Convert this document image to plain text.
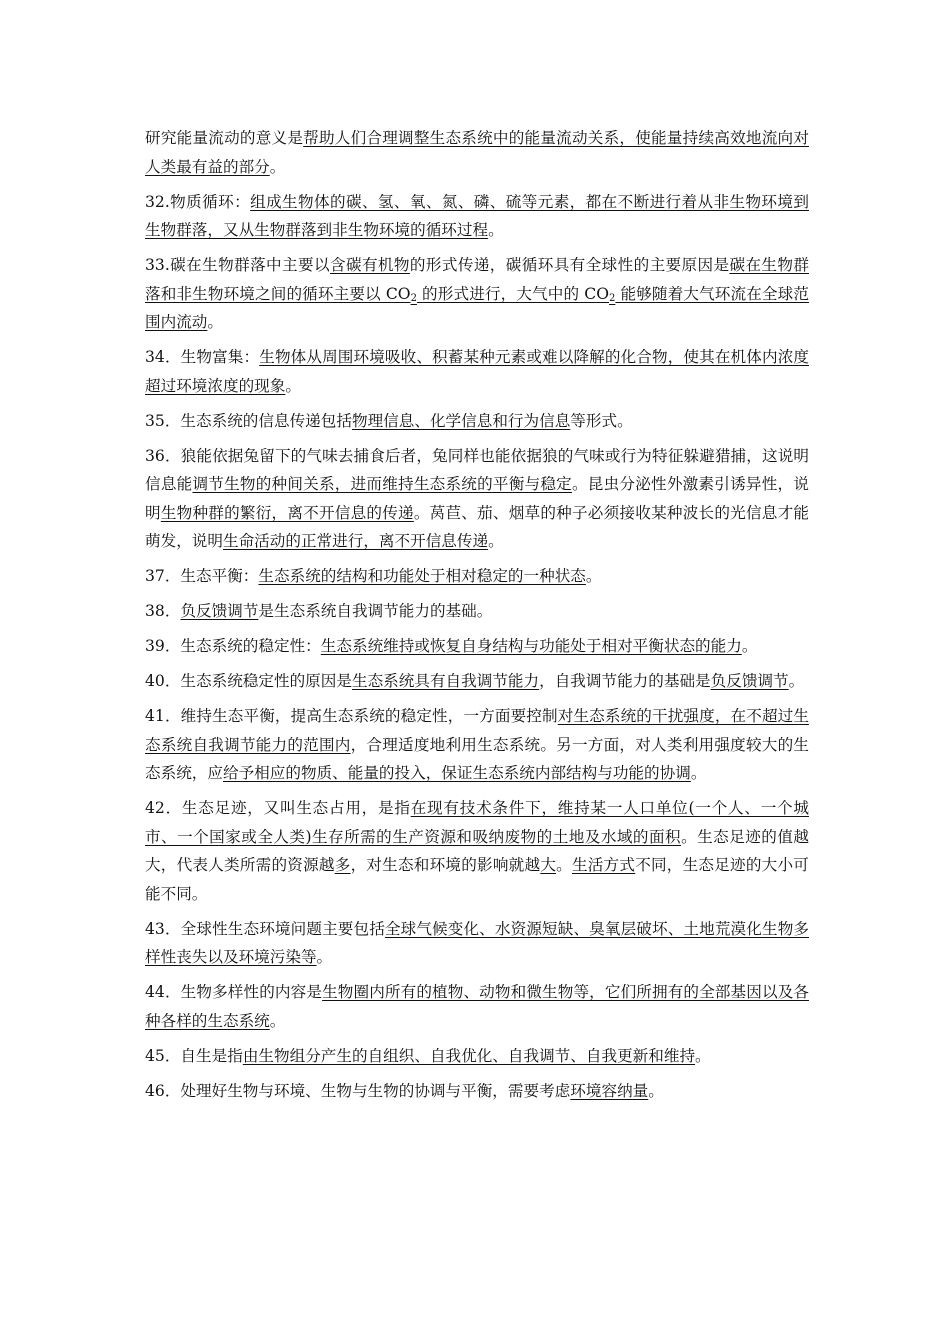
研究能量流动的意义是帮助人们合理调整生态系统中的能量流动关系，使能量持续高效地流向对人类最有益的部分。

32.物质循环：组成生物体的碳、氢、氧、氮、磷、硫等元素，都在不断进行着从非生物环境到生物群落，又从生物群落到非生物环境的循环过程。

33.碳在生物群落中主要以含碳有机物的形式传递，碳循环具有全球性的主要原因是碳在生物群落和非生物环境之间的循环主要以 $CO_2$ 的形式进行，大气中的 $CO_2$ 能够随着大气环流在全球范围内流动。

34．生物富集：生物体从周围环境吸收、积蓄某种元素或难以降解的化合物，使其在机体内浓度超过环境浓度的现象。

35．生态系统的信息传递包括物理信息、化学信息和行为信息等形式。

36．狼能依据兔留下的气味去捕食后者，兔同样也能依据狼的气味或行为特征躲避猎捕，这说明信息能调节生物的种间关系，进而维持生态系统的平衡与稳定。昆虫分泌性外激素引诱异性，说明生物种群的繁衍，离不开信息的传递。莴苣、茄、烟草的种子必须接收某种波长的光信息才能萌发，说明生命活动的正常进行，离不开信息传递。

37．生态平衡：生态系统的结构和功能处于相对稳定的一种状态。

38．负反馈调节是生态系统自我调节能力的基础。

39．生态系统的稳定性：生态系统维持或恢复自身结构与功能处于相对平衡状态的能力。

40．生态系统稳定性的原因是生态系统具有自我调节能力，自我调节能力的基础是负反馈调节。

41．维持生态平衡，提高生态系统的稳定性，一方面要控制对生态系统的干扰强度，在不超过生态系统自我调节能力的范围内，合理适度地利用生态系统。另一方面，对人类利用强度较大的生态系统，应给予相应的物质、能量的投入，保证生态系统内部结构与功能的协调。

42．生态足迹，又叫生态占用，是指在现有技术条件下，维持某一人口单位(一个人、一个城市、一个国家或全人类)生存所需的生产资源和吸纳废物的土地及水域的面积。生态足迹的值越大，代表人类所需的资源越多，对生态和环境的影响就越大。生活方式不同，生态足迹的大小可能不同。

43．全球性生态环境问题主要包括全球气候变化、水资源短缺、臭氧层破坏、土地荒漠化生物多样性丧失以及环境污染等。

44．生物多样性的内容是生物圈内所有的植物、动物和微生物等，它们所拥有的全部基因以及各种各样的生态系统。

45．自生是指由生物组分产生的自组织、自我优化、自我调节、自我更新和维持。

46．处理好生物与环境、生物与生物的协调与平衡，需要考虑环境容纳量。
